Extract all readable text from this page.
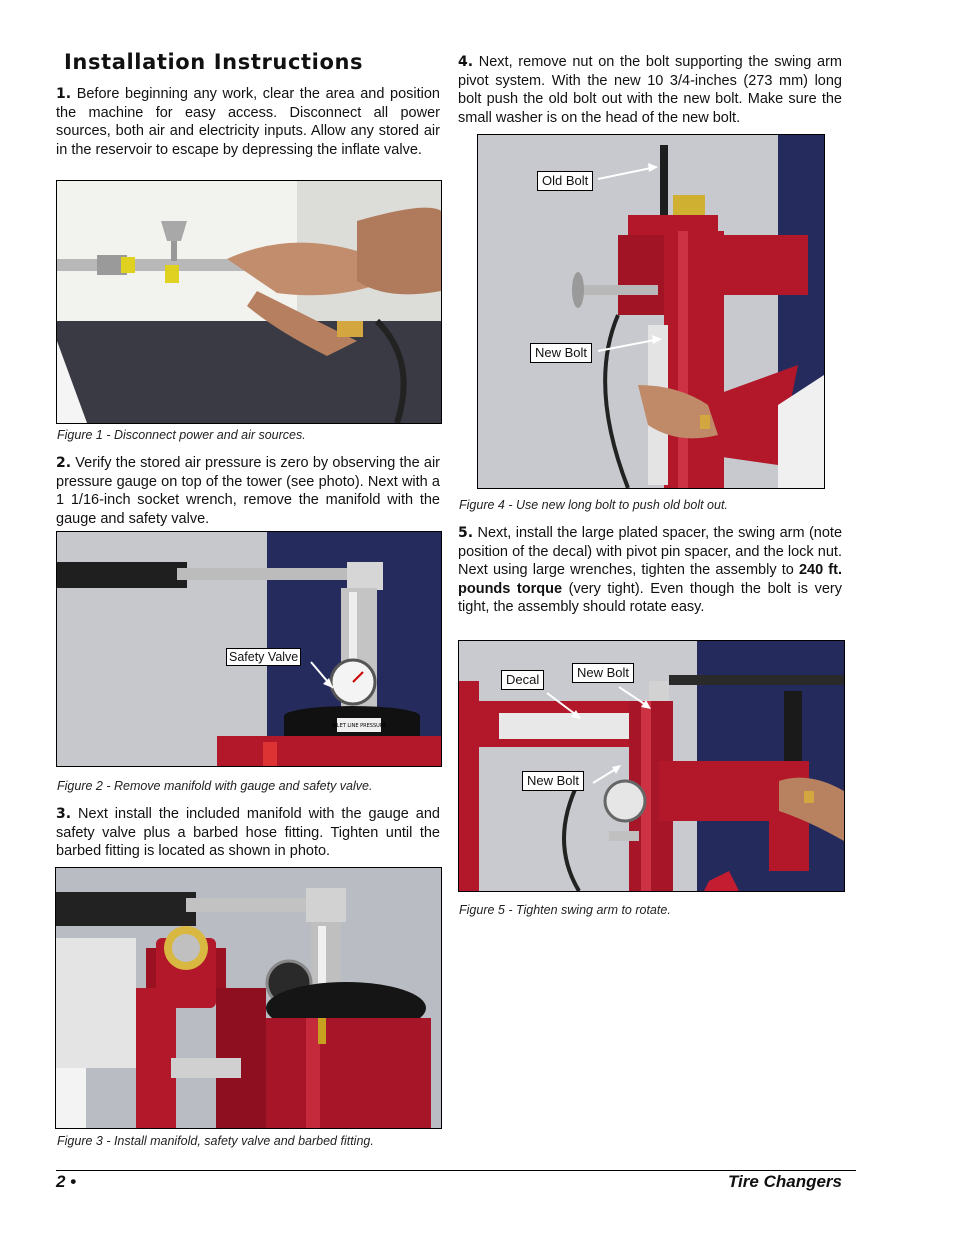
Installation Instructions

1. Before beginning any work, clear the area and position the machine for easy access. Disconnect all power sources, both air and electricity inputs. Allow any stored air in the reservoir to escape by depressing the inflate valve.

Figure 1 - Disconnect power and air sources.

2. Verify the stored air pressure is zero by observing the air pressure gauge on top of the tower (see photo). Next with a 1 1/16-inch socket wrench, remove the manifold with the gauge and safety valve.

INLET LINE PRESSURE
Safety Valve
Figure 2 - Remove manifold with gauge and safety valve.

3. Next install the included manifold with the gauge and safety valve plus a barbed hose fitting. Tighten until the barbed fitting is located as shown in photo.

Figure 3 - Install manifold, safety valve and barbed fitting.

4. Next, remove nut on the bolt supporting the swing arm pivot system. With the new 10 3/4-inches (273 mm) long bolt push the old bolt out with the new bolt. Make sure the small washer is on the head of the new bolt.

Old Bolt
New Bolt
Figure 4 - Use new long bolt to push old bolt out.

5. Next, install the large plated spacer, the swing arm (note position of the decal) with pivot pin spacer, and the lock nut. Next using large wrenches, tighten the assembly to 240 ft. pounds torque (very tight). Even though the bolt is very tight, the assembly should rotate easy.

Decal	New Bolt
New Bolt
Figure 5 - Tighten swing arm to rotate.
2 •	Tire Changers
